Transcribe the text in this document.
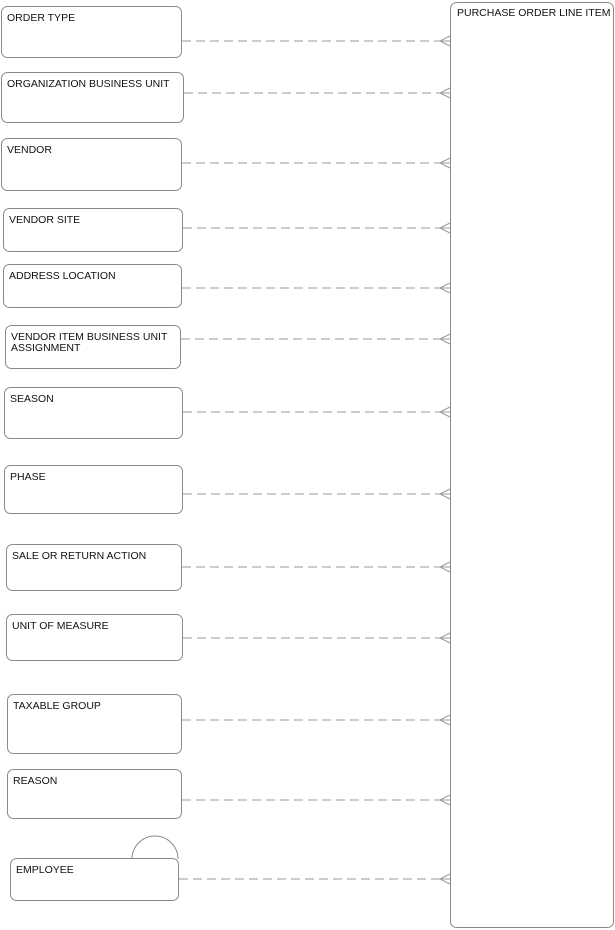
ORDER TYPE
ORGANIZATION BUSINESS UNIT
VENDOR
VENDOR SITE
ADDRESS LOCATION
VENDOR ITEM BUSINESS UNIT
ASSIGNMENT
SEASON
PHASE
SALE OR RETURN ACTION
UNIT OF MEASURE
TAXABLE GROUP
REASON
EMPLOYEE
PURCHASE ORDER LINE ITEM
